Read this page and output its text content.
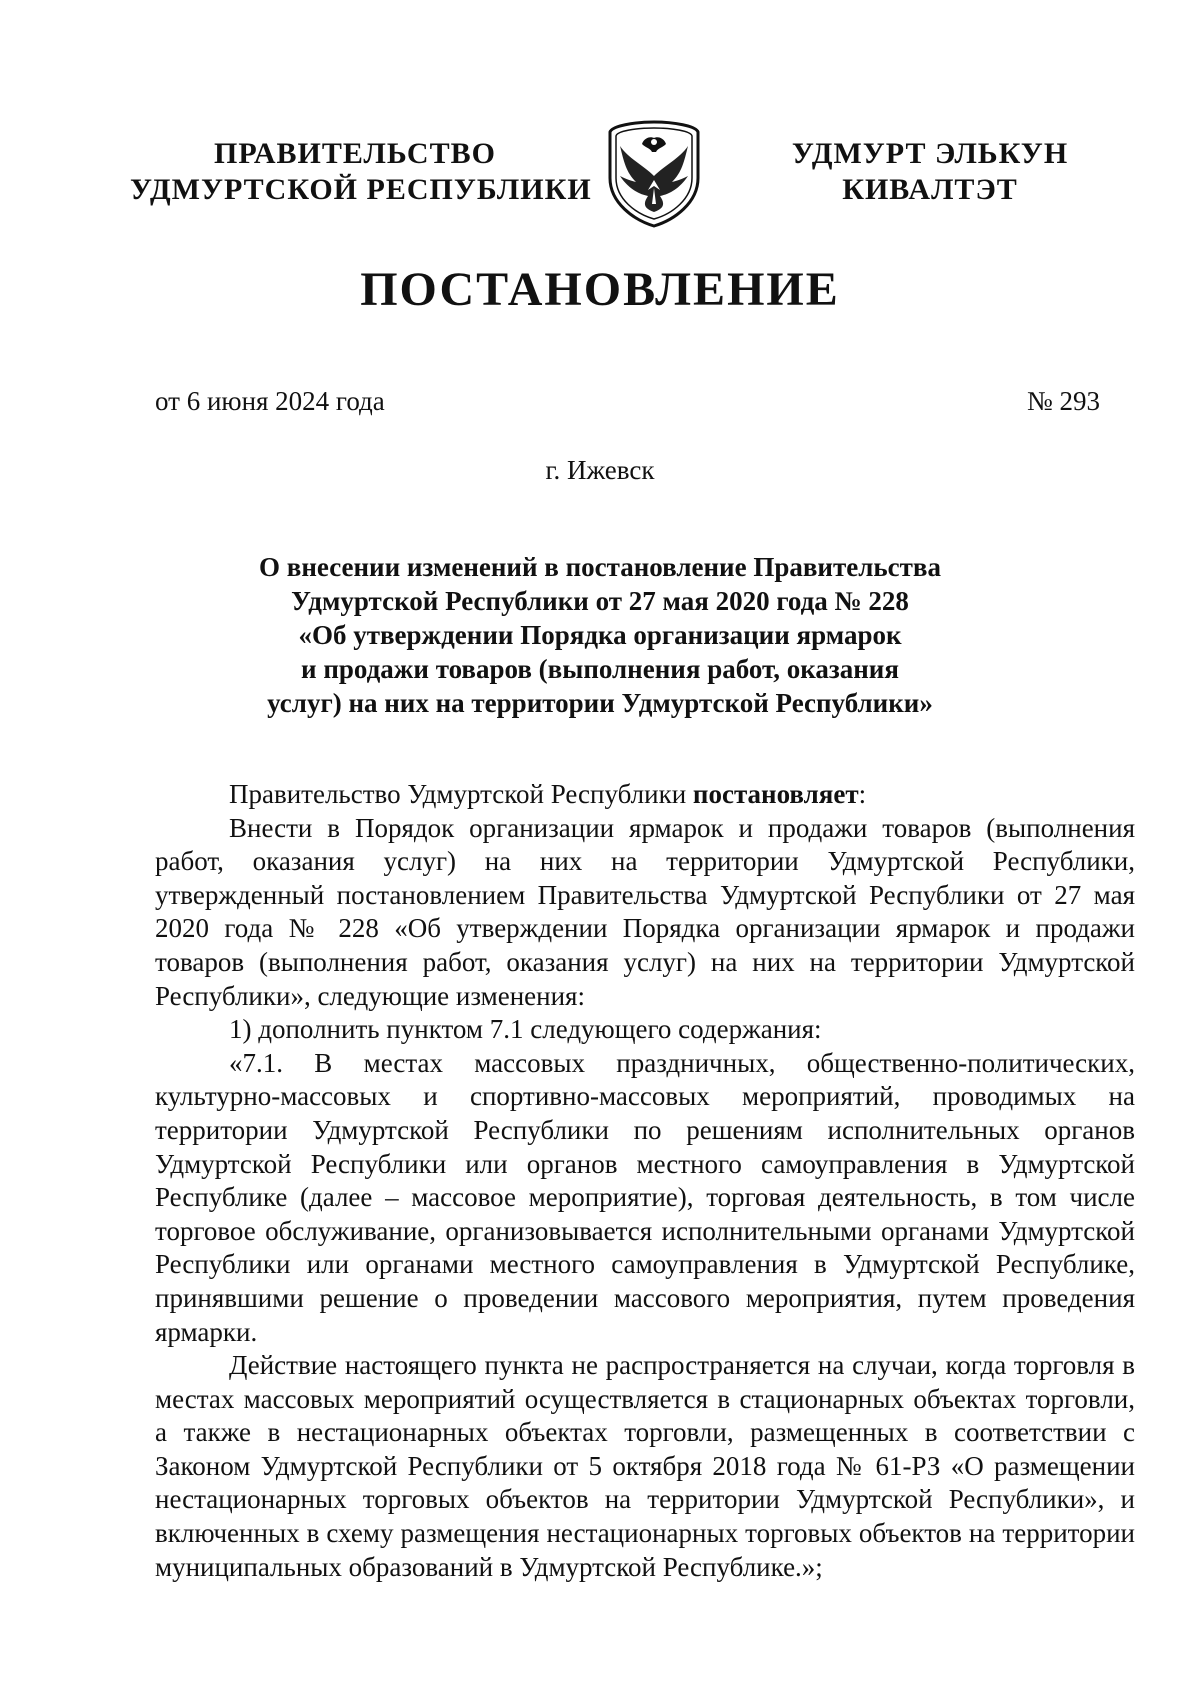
ПРАВИТЕЛЬСТВО
УДМУРТСКОЙ РЕСПУБЛИКИ
УДМУРТ ЭЛЬКУН
КИВАЛТЭТ
ПОСТАНОВЛЕНИЕ
от 6 июня 2024 года	№ 293
г. Ижевск
О внесении изменений в постановление Правительства
Удмуртской Республики от 27 мая 2020 года № 228
«Об утверждении Порядка организации ярмарок
и продажи товаров (выполнения работ, оказания
услуг) на них на территории Удмуртской Республики»

Правительство Удмуртской Республики постановляет:

Внести в Порядок организации ярмарок и продажи товаров (выполнения работ, оказания услуг) на них на территории Удмуртской Республики, утвержденный постановлением Правительства Удмуртской Республики от 27 мая 2020 года № 228 «Об утверждении Порядка организации ярмарок и продажи товаров (выполнения работ, оказания услуг) на них на территории Удмуртской Республики», следующие изменения:

1) дополнить пунктом 7.1 следующего содержания:

«7.1. В местах массовых праздничных, общественно-политических, культурно-массовых и спортивно-массовых мероприятий, проводимых на территории Удмуртской Республики по решениям исполнительных органов Удмуртской Республики или органов местного самоуправления в Удмуртской Республике (далее – массовое мероприятие), торговая деятельность, в том числе торговое обслуживание, организовывается исполнительными органами Удмуртской Республики или органами местного самоуправления в Удмуртской Республике, принявшими решение о проведении массового мероприятия, путем проведения ярмарки.

Действие настоящего пункта не распространяется на случаи, когда торговля в местах массовых мероприятий осуществляется в стационарных объектах торговли, а также в нестационарных объектах торговли, размещенных в соответствии с Законом Удмуртской Республики от 5 октября 2018 года № 61-РЗ «О размещении нестационарных торговых объектов на территории Удмуртской Республики», и включенных в схему размещения нестационарных торговых объектов на территории муниципальных образований в Удмуртской Республике.»;
